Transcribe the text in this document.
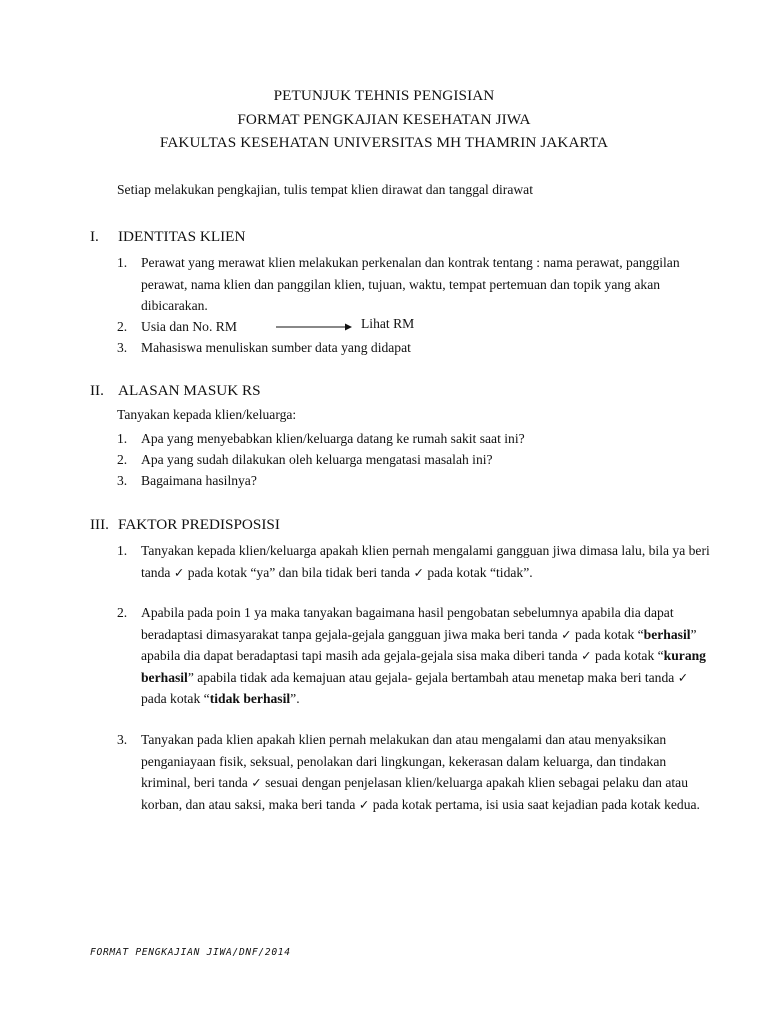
PETUNJUK TEHNIS PENGISIAN
FORMAT PENGKAJIAN KESEHATAN JIWA
FAKULTAS KESEHATAN UNIVERSITAS MH THAMRIN JAKARTA
Setiap melakukan pengkajian, tulis tempat klien dirawat dan tanggal dirawat
I. IDENTITAS KLIEN
1. Perawat yang merawat klien melakukan perkenalan dan kontrak tentang : nama perawat, panggilan perawat, nama klien dan panggilan klien, tujuan, waktu, tempat pertemuan dan topik yang akan dibicarakan.
2. Usia dan No. RM	Lihat RM
3. Mahasiswa menuliskan sumber data yang didapat
II. ALASAN MASUK RS
Tanyakan kepada klien/keluarga:
1. Apa yang menyebabkan klien/keluarga datang ke rumah sakit saat ini?
2. Apa yang sudah dilakukan oleh keluarga mengatasi masalah ini?
3. Bagaimana hasilnya?
III. FAKTOR PREDISPOSISI
1. Tanyakan kepada klien/keluarga apakah klien pernah mengalami gangguan jiwa dimasa lalu, bila ya beri tanda ✓ pada kotak “ya” dan bila tidak beri tanda ✓ pada kotak “tidak”.
2. Apabila pada poin 1 ya maka tanyakan bagaimana hasil pengobatan sebelumnya apabila dia dapat beradaptasi dimasyarakat tanpa gejala-gejala gangguan jiwa maka beri tanda ✓ pada kotak “berhasil” apabila dia dapat beradaptasi tapi masih ada gejala-gejala sisa maka diberi tanda ✓ pada kotak “kurang berhasil” apabila tidak ada kemajuan atau gejala- gejala bertambah atau menetap maka beri tanda ✓ pada kotak “tidak berhasil”.
3. Tanyakan pada klien apakah klien pernah melakukan dan atau mengalami dan atau menyaksikan penganiayaan fisik, seksual, penolakan dari lingkungan, kekerasan dalam keluarga, dan tindakan kriminal, beri tanda ✓ sesuai dengan penjelasan klien/keluarga apakah klien sebagai pelaku dan atau korban, dan atau saksi, maka beri tanda ✓ pada kotak pertama, isi usia saat kejadian pada kotak kedua.
FORMAT PENGKAJIAN JIWA/DNF/2014
